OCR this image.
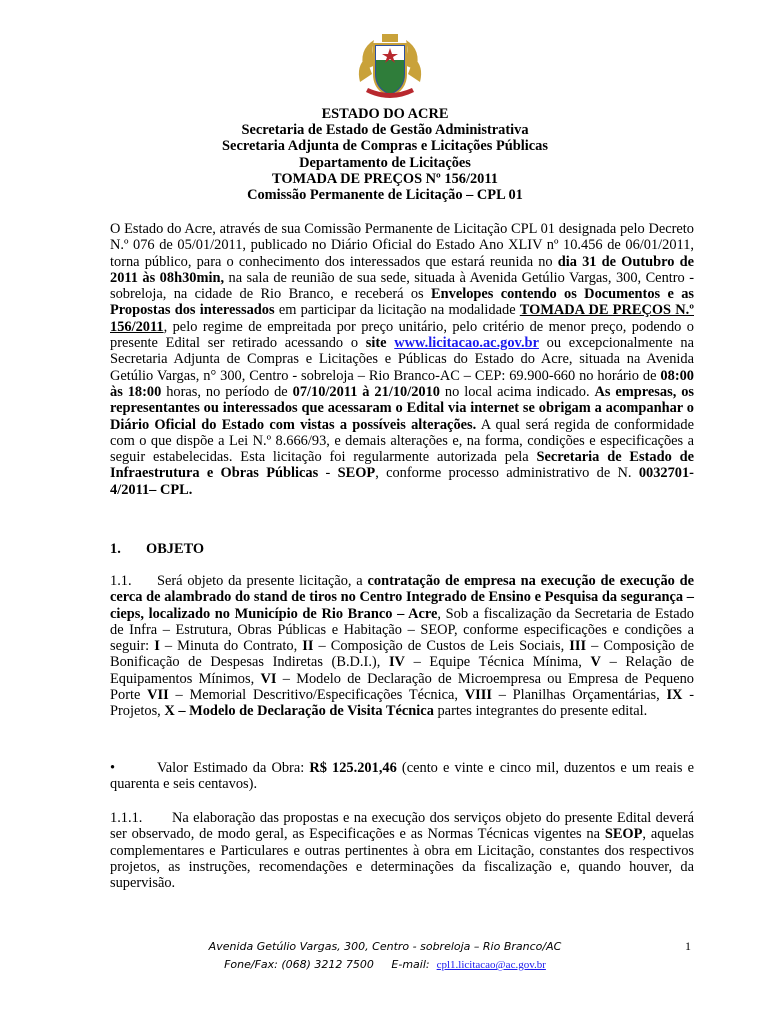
ESTADO DO ACRE
Secretaria de Estado de Gestão Administrativa
Secretaria Adjunta de Compras e Licitações Públicas
Departamento de Licitações
TOMADA DE PREÇOS Nº 156/2011
Comissão Permanente de Licitação – CPL 01

O Estado do Acre, através de sua Comissão Permanente de Licitação CPL 01 designada pelo Decreto N.º 076 de 05/01/2011, publicado no Diário Oficial do Estado Ano XLIV nº 10.456 de 06/01/2011, torna público, para o conhecimento dos interessados que estará reunida no dia 31 de Outubro de 2011 às 08h30min, na sala de reunião de sua sede, situada à Avenida Getúlio Vargas, 300, Centro - sobreloja, na cidade de Rio Branco, e receberá os Envelopes contendo os Documentos e as Propostas dos interessados em participar da licitação na modalidade TOMADA DE PREÇOS N.º 156/2011, pelo regime de empreitada por preço unitário, pelo critério de menor preço, podendo o presente Edital ser retirado acessando o site www.licitacao.ac.gov.br ou excepcionalmente na Secretaria Adjunta de Compras e Licitações e Públicas do Estado do Acre, situada na Avenida Getúlio Vargas, n° 300, Centro - sobreloja – Rio Branco-AC – CEP: 69.900-660 no horário de 08:00 às 18:00 horas, no período de 07/10/2011 à 21/10/2010 no local acima indicado. As empresas, os representantes ou interessados que acessaram o Edital via internet se obrigam a acompanhar o Diário Oficial do Estado com vistas a possíveis alterações. A qual será regida de conformidade com o que dispõe a Lei N.º 8.666/93, e demais alterações e, na forma, condições e especificações a seguir estabelecidas. Esta licitação foi regularmente autorizada pela Secretaria de Estado de Infraestrutura e Obras Públicas - SEOP, conforme processo administrativo de N. 0032701-4/2011– CPL.

1. OBJETO

1.1. Será objeto da presente licitação, a contratação de empresa na execução de execução de cerca de alambrado do stand de tiros no Centro Integrado de Ensino e Pesquisa da segurança – cieps, localizado no Município de Rio Branco – Acre, Sob a fiscalização da Secretaria de Estado de Infra – Estrutura, Obras Públicas e Habitação – SEOP, conforme especificações e condições a seguir: I – Minuta do Contrato, II – Composição de Custos de Leis Sociais, III – Composição de Bonificação de Despesas Indiretas (B.D.I.), IV – Equipe Técnica Mínima, V – Relação de Equipamentos Mínimos, VI – Modelo de Declaração de Microempresa ou Empresa de Pequeno Porte VII – Memorial Descritivo/Especificações Técnica, VIII – Planilhas Orçamentárias, IX - Projetos, X – Modelo de Declaração de Visita Técnica partes integrantes do presente edital.

•	Valor Estimado da Obra: R$ 125.201,46 (cento e vinte e cinco mil, duzentos e um reais e quarenta e seis centavos).

1.1.1. Na elaboração das propostas e na execução dos serviços objeto do presente Edital deverá ser observado, de modo geral, as Especificações e as Normas Técnicas vigentes na SEOP, aquelas complementares e Particulares e outras pertinentes à obra em Licitação, constantes dos respectivos projetos, as instruções, recomendações e determinações da fiscalização e, quando houver, da supervisão.

Avenida Getúlio Vargas, 300, Centro - sobreloja – Rio Branco/AC
Fone/Fax: (068) 3212 7500 E-mail: cpl1.licitacao@ac.gov.br
1
